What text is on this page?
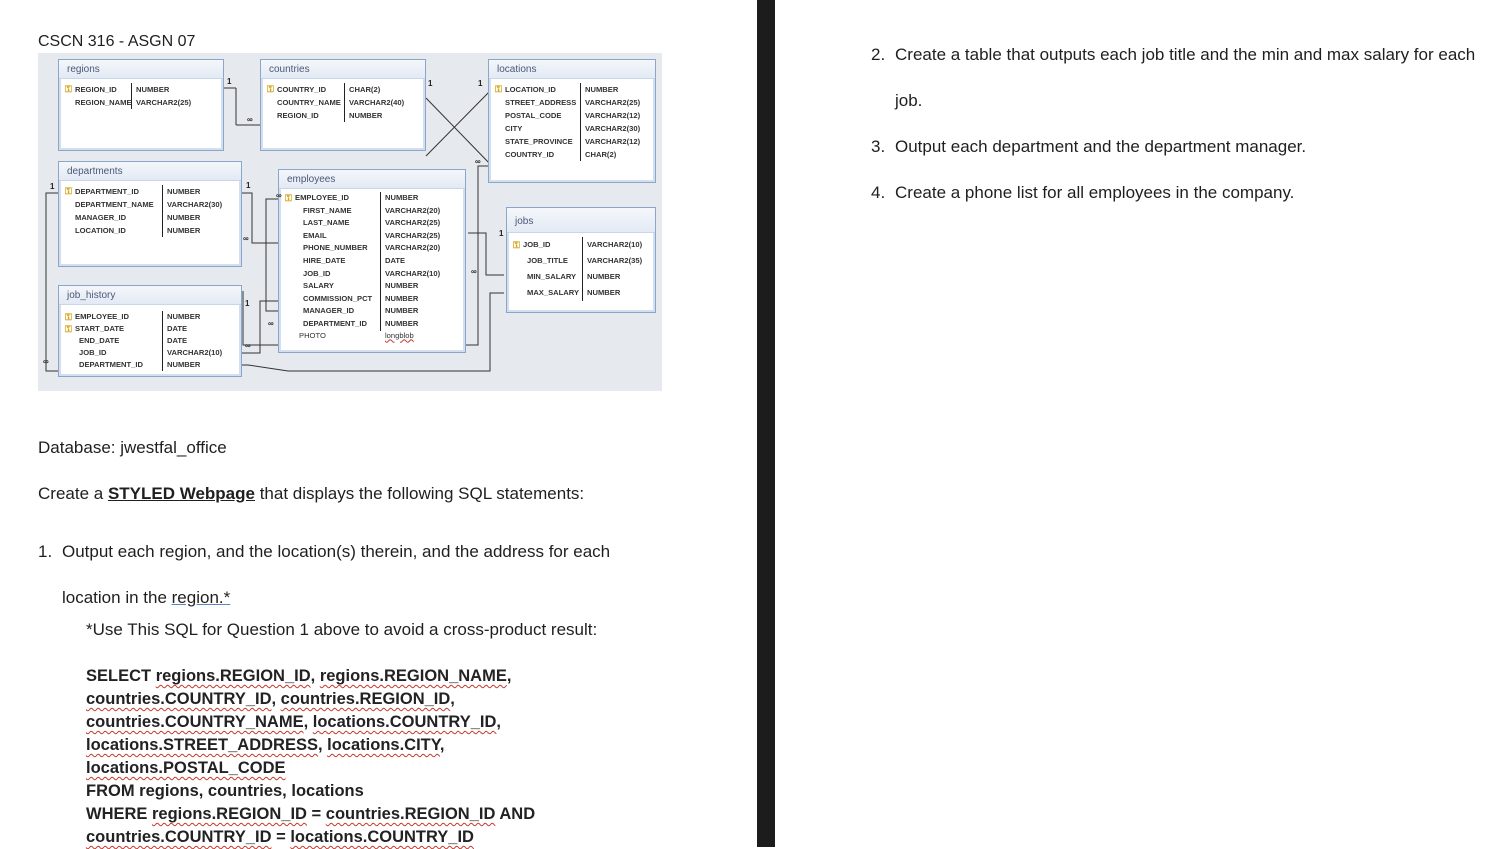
CSCN 316 - ASGN 07
regions
⚿ REGION_ID	NUMBER
REGION_NAME VARCHAR2(25)
countries
⚿ COUNTRY_ID	CHAR(2)
COUNTRY_NAME	VARCHAR2(40)
REGION_ID	NUMBER
locations
⚿ LOCATION_ID	NUMBER
STREET_ADDRESS	VARCHAR2(25)
POSTAL_CODE	VARCHAR2(12)
CITY	VARCHAR2(30)
STATE_PROVINCE	VARCHAR2(12)
COUNTRY_ID	CHAR(2)
departments
⚿ DEPARTMENT_ID	NUMBER
DEPARTMENT_NAME	VARCHAR2(30)
MANAGER_ID	NUMBER
LOCATION_ID	NUMBER
employees
⚿ EMPLOYEE_ID	NUMBER
FIRST_NAME	VARCHAR2(20)
LAST_NAME	VARCHAR2(25)
EMAIL	VARCHAR2(25)
PHONE_NUMBER	VARCHAR2(20)
HIRE_DATE	DATE
JOB_ID	VARCHAR2(10)
SALARY	NUMBER
COMMISSION_PCT	NUMBER
MANAGER_ID	NUMBER
DEPARTMENT_ID	NUMBER
PHOTO	longblob
jobs
⚿ JOB_ID	VARCHAR2(10)
JOB_TITLE	VARCHAR2(35)
MIN_SALARY	NUMBER
MAX_SALARY	NUMBER
job_history
⚿ EMPLOYEE_ID	NUMBER
⚿ START_DATE	DATE
END_DATE	DATE
JOB_ID	VARCHAR2(10)
DEPARTMENT_ID	NUMBER
1
∞
1	1
∞
1
∞
∞
1
1
∞
1
∞
∞
∞
Database: jwestfal_office
Create a STYLED Webpage that displays the following SQL statements:
1. Output each region, and the location(s) therein, and the address for each
location in the region.*
*Use This SQL for Question 1 above to avoid a cross-product result:
SELECT regions.REGION_ID, regions.REGION_NAME,
countries.COUNTRY_ID, countries.REGION_ID,
countries.COUNTRY_NAME, locations.COUNTRY_ID,
locations.STREET_ADDRESS, locations.CITY, locations.POSTAL_CODE
FROM regions, countries, locations
WHERE regions.REGION_ID = countries.REGION_ID AND
countries.COUNTRY_ID = locations.COUNTRY_ID
2. Create a table that outputs each job title and the min and max salary for each
job.
3. Output each department and the department manager.
4. Create a phone list for all employees in the company.
